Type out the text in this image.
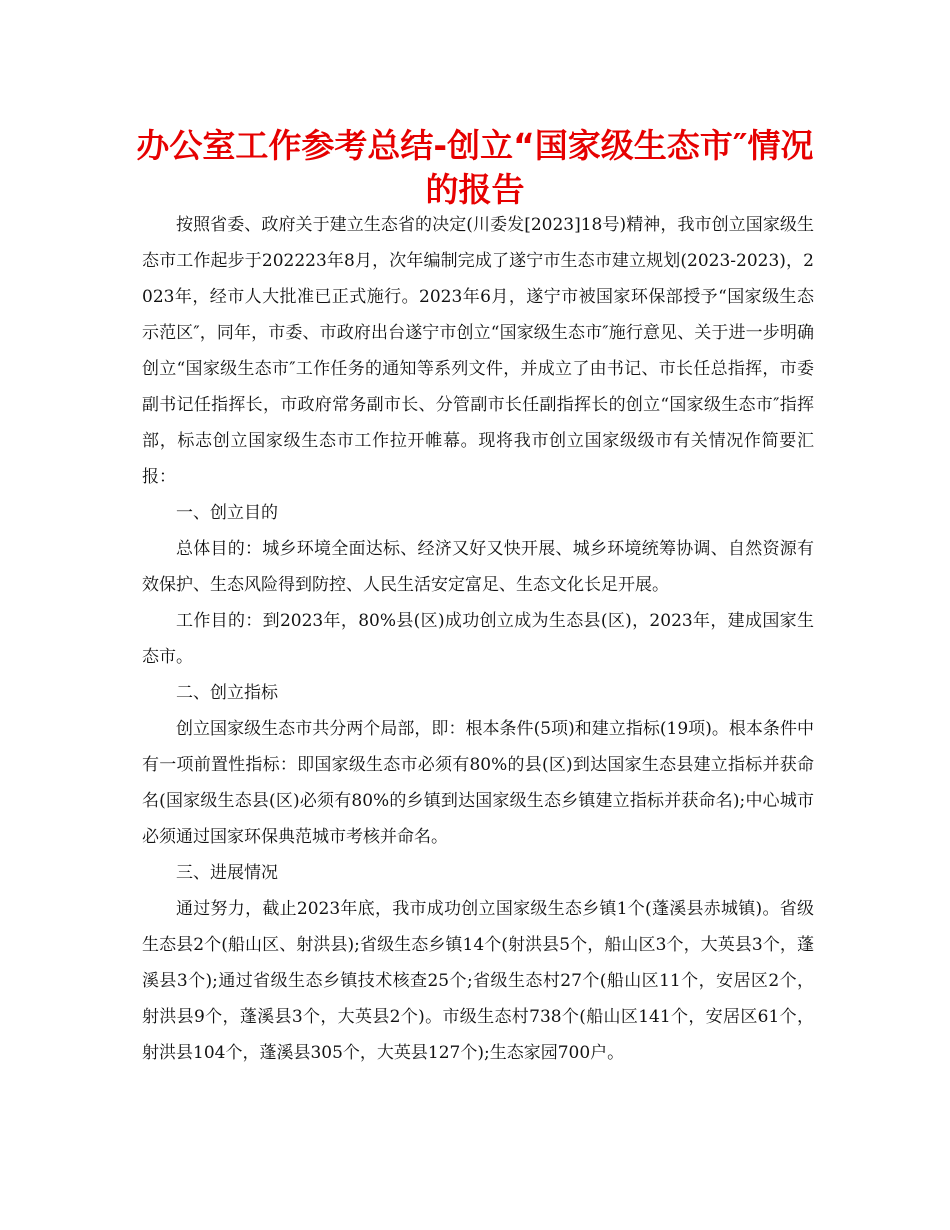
办公室工作参考总结-创立“国家级生态市″情况
的报告

按照省委、政府关于建立生态省的决定(川委发[2023]18号)精神，我市创立国家级生态市工作起步于202223年8月，次年编制完成了遂宁市生态市建立规划(2023-2023)，2023年，经市人大批准已正式施行。2023年6月，遂宁市被国家环保部授予“国家级生态示范区″，同年，市委、市政府出台遂宁市创立“国家级生态市″施行意见、关于进一步明确创立“国家级生态市″工作任务的通知等系列文件，并成立了由书记、市长任总指挥，市委副书记任指挥长，市政府常务副市长、分管副市长任副指挥长的创立“国家级生态市″指挥部，标志创立国家级生态市工作拉开帷幕。现将我市创立国家级级市有关情况作简要汇报：

一、创立目的

总体目的：城乡环境全面达标、经济又好又快开展、城乡环境统筹协调、自然资源有效保护、生态风险得到防控、人民生活安定富足、生态文化长足开展。

工作目的：到2023年，80%县(区)成功创立成为生态县(区)，2023年，建成国家生态市。

二、创立指标

创立国家级生态市共分两个局部，即：根本条件(5项)和建立指标(19项)。根本条件中有一项前置性指标：即国家级生态市必须有80%的县(区)到达国家生态县建立指标并获命名(国家级生态县(区)必须有80%的乡镇到达国家级生态乡镇建立指标并获命名);中心城市必须通过国家环保典范城市考核并命名。

三、进展情况

通过努力，截止2023年底，我市成功创立国家级生态乡镇1个(蓬溪县赤城镇)。省级生态县2个(船山区、射洪县);省级生态乡镇14个(射洪县5个，船山区3个，大英县3个，蓬溪县3个);通过省级生态乡镇技术核查25个;省级生态村27个(船山区11个，安居区2个，射洪县9个，蓬溪县3个，大英县2个)。市级生态村738个(船山区141个，安居区61个，射洪县104个，蓬溪县305个，大英县127个);生态家园700户。
